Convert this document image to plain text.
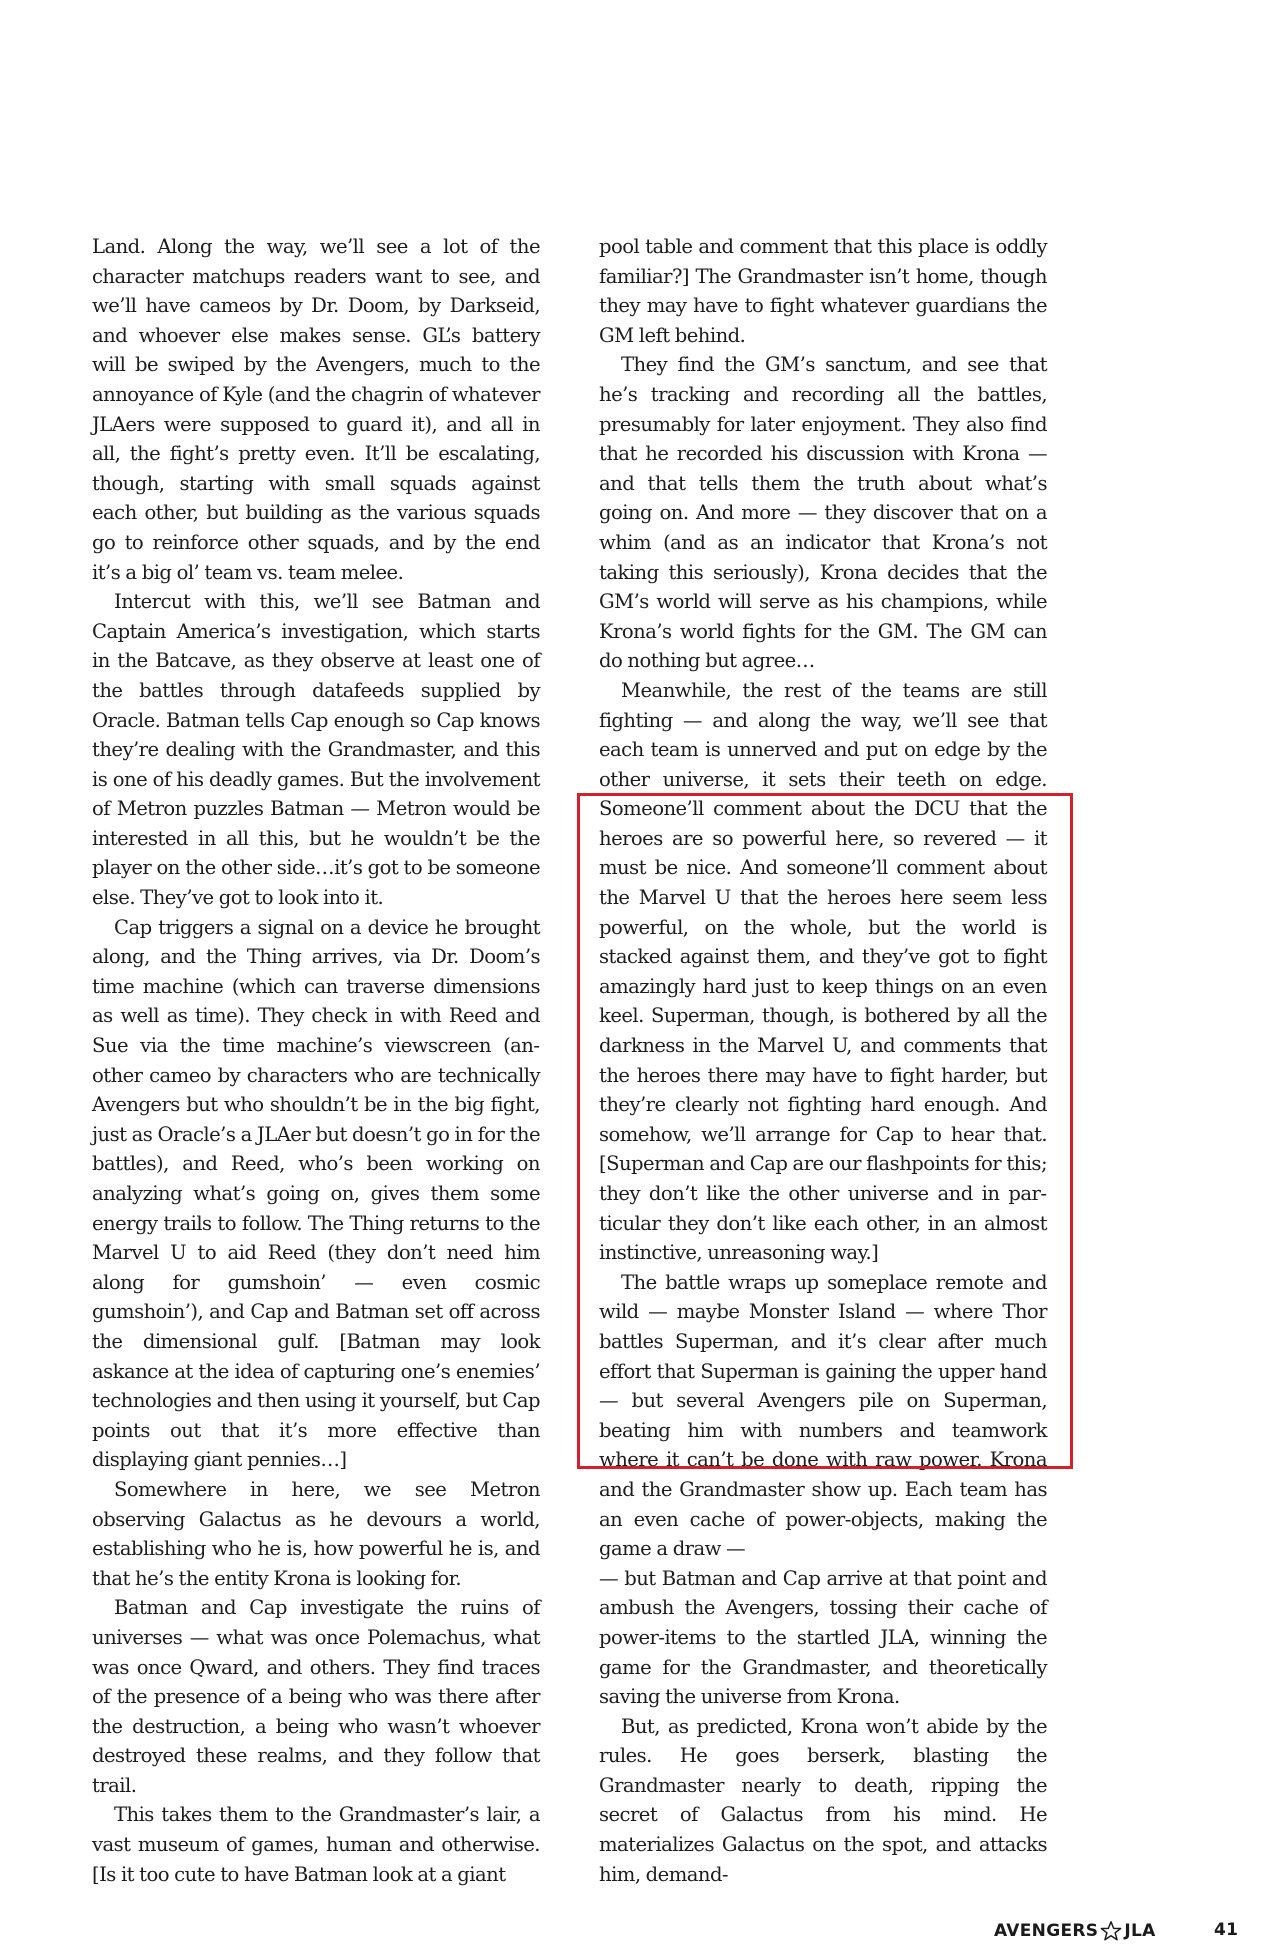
Land. Along the way, we’ll see a lot of the character matchups readers want to see, and we’ll have cameos by Dr. Doom, by Darkseid, and whoever else makes sense. GL’s battery will be swiped by the Avengers, much to the annoyance of Kyle (and the chagrin of whatever JLAers were supposed to guard it), and all in all, the fight’s pretty even. It’ll be escalating, though, starting with small squads against each other, but building as the various squads go to reinforce other squads, and by the end it’s a big ol’ team vs. team melee.

Intercut with this, we’ll see Batman and Captain America’s investigation, which starts in the Batcave, as they observe at least one of the battles through datafeeds supplied by Oracle. Batman tells Cap enough so Cap knows they’re dealing with the Grandmaster, and this is one of his deadly games. But the involvement of Metron puzzles Batman — Metron would be interested in all this, but he wouldn’t be the player on the other side…it’s got to be someone else. They’ve got to look into it.

Cap triggers a signal on a device he brought along, and the Thing arrives, via Dr. Doom’s time machine (which can traverse dimensions as well as time). They check in with Reed and Sue via the time machine’s viewscreen (another cameo by characters who are technically Avengers but who shouldn’t be in the big fight, just as Oracle’s a JLAer but doesn’t go in for the battles), and Reed, who’s been working on analyzing what’s going on, gives them some energy trails to follow. The Thing returns to the Marvel U to aid Reed (they don’t need him along for gumshoin’ — even cosmic gumshoin’), and Cap and Batman set off across the dimensional gulf. [Batman may look askance at the idea of capturing one’s enemies’ technologies and then using it yourself, but Cap points out that it’s more effective than displaying giant pennies…]

Somewhere in here, we see Metron observing Galactus as he devours a world, establishing who he is, how powerful he is, and that he’s the entity Krona is looking for.

Batman and Cap investigate the ruins of universes — what was once Polemachus, what was once Qward, and others. They find traces of the presence of a being who was there after the destruction, a being who wasn’t whoever destroyed these realms, and they follow that trail.

This takes them to the Grandmaster’s lair, a vast museum of games, human and otherwise. [Is it too cute to have Batman look at a giant

pool table and comment that this place is oddly familiar?] The Grandmaster isn’t home, though they may have to fight whatever guardians the GM left behind.

They find the GM’s sanctum, and see that he’s tracking and recording all the battles, presumably for later enjoyment. They also find that he recorded his discussion with Krona — and that tells them the truth about what’s going on. And more — they discover that on a whim (and as an indicator that Krona’s not taking this seriously), Krona decides that the GM’s world will serve as his champions, while Krona’s world fights for the GM. The GM can do nothing but agree…

Meanwhile, the rest of the teams are still fighting — and along the way, we’ll see that each team is unnerved and put on edge by the other universe, it sets their teeth on edge. Someone’ll comment about the DCU that the heroes are so powerful here, so revered — it must be nice. And someone’ll comment about the Marvel U that the heroes here seem less powerful, on the whole, but the world is stacked against them, and they’ve got to fight amazingly hard just to keep things on an even keel. Superman, though, is bothered by all the darkness in the Marvel U, and comments that the heroes there may have to fight harder, but they’re clearly not fighting hard enough. And somehow, we’ll arrange for Cap to hear that. [Superman and Cap are our flashpoints for this; they don’t like the other universe and in particular they don’t like each other, in an almost instinctive, unreasoning way.]

The battle wraps up someplace remote and wild — maybe Monster Island — where Thor battles Superman, and it’s clear after much effort that Superman is gaining the upper hand — but several Avengers pile on Superman, beating him with numbers and teamwork where it can’t be done with raw power. Krona and the Grandmaster show up. Each team has an even cache of power-objects, making the game a draw —

— but Batman and Cap arrive at that point and ambush the Avengers, tossing their cache of power-items to the startled JLA, winning the game for the Grandmaster, and theoretically saving the universe from Krona.

But, as predicted, Krona won’t abide by the rules. He goes berserk, blasting the Grandmaster nearly to death, ripping the secret of Galactus from his mind. He materializes Galactus on the spot, and attacks him, demand-

AVENGERS JLA	41
